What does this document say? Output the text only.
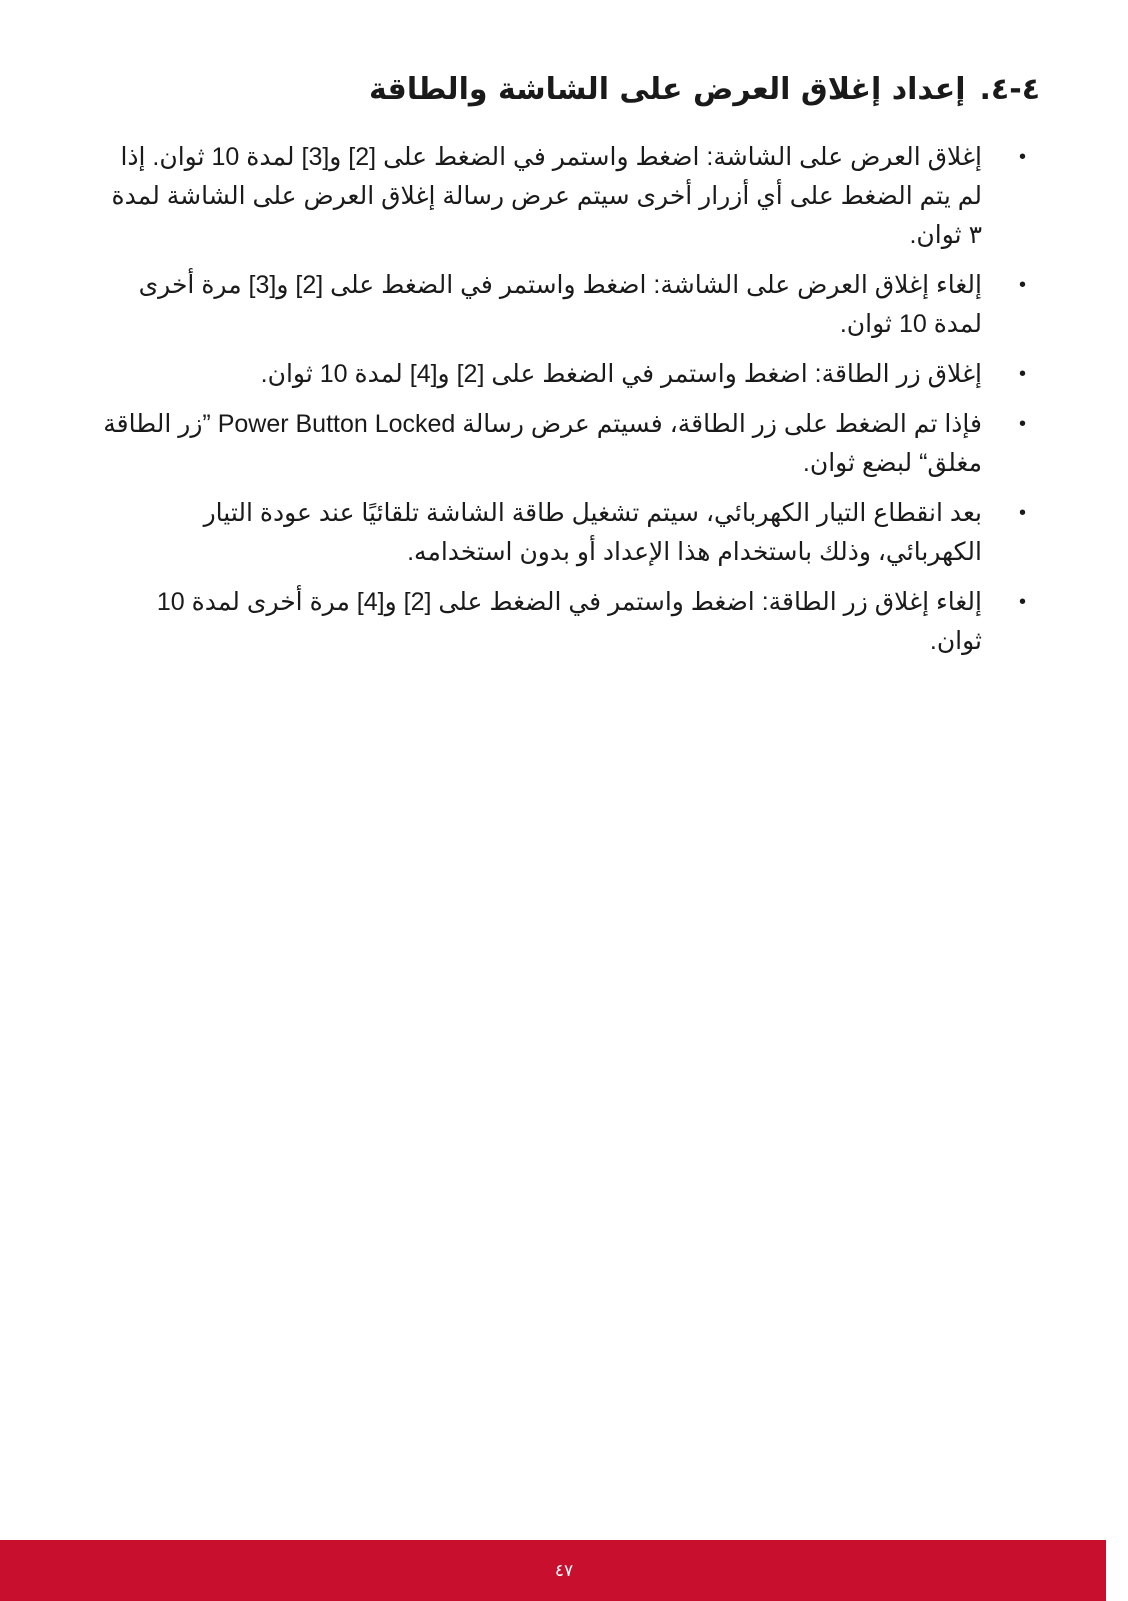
٤-٤.إعداد إغلاق العرض على الشاشة والطاقة
•
إغلاق العرض على الشاشة: اضغط واستمر في الضغط على [2] و[3] لمدة 10 ثوان. إذا لم يتم الضغط على أي أزرار أخرى سيتم عرض رسالة إغلاق العرض على الشاشة لمدة ٣ ثوان.
•
إلغاء إغلاق العرض على الشاشة: اضغط واستمر في الضغط على [2] و[3] مرة أخرى لمدة 10 ثوان.
•
إغلاق زر الطاقة: اضغط واستمر في الضغط على [2] و[4] لمدة 10 ثوان.
•
فإذا تم الضغط على زر الطاقة، فسيتم عرض رسالة Power Button Locked ”زر الطاقة مغلق“ لبضع ثوان.
•
بعد انقطاع التيار الكهربائي، سيتم تشغيل طاقة الشاشة تلقائيًا عند عودة التيار الكهربائي، وذلك باستخدام هذا الإعداد أو بدون استخدامه.
•
إلغاء إغلاق زر الطاقة: اضغط واستمر في الضغط على [2] و[4] مرة أخرى لمدة 10 ثوان.
٤٧
